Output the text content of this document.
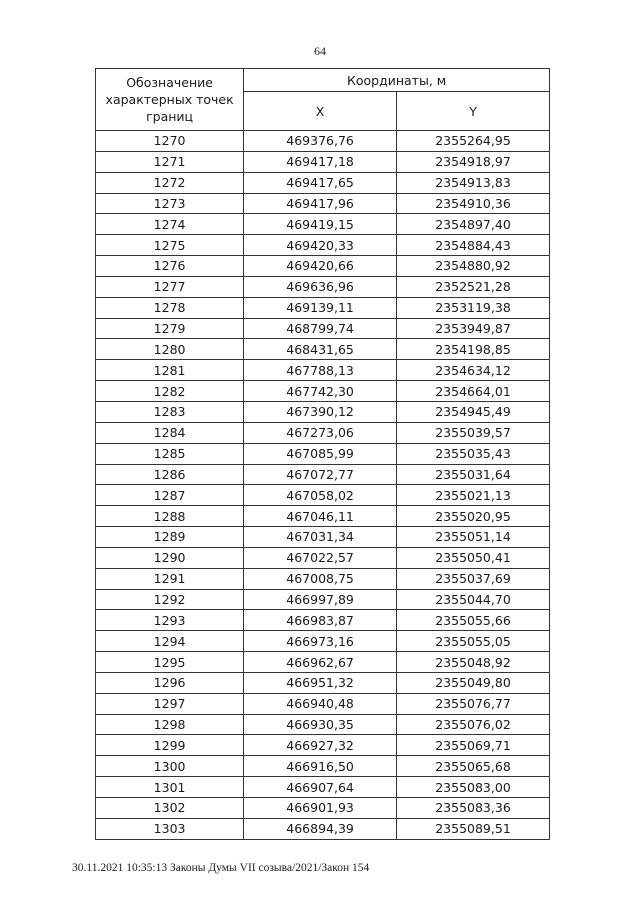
64
Обозначение характерных точек границ	Координаты, м	
	X	Y
1270	469376,76	2355264,95
1271	469417,18	2354918,97
1272	469417,65	2354913,83
1273	469417,96	2354910,36
1274	469419,15	2354897,40
1275	469420,33	2354884,43
1276	469420,66	2354880,92
1277	469636,96	2352521,28
1278	469139,11	2353119,38
1279	468799,74	2353949,87
1280	468431,65	2354198,85
1281	467788,13	2354634,12
1282	467742,30	2354664,01
1283	467390,12	2354945,49
1284	467273,06	2355039,57
1285	467085,99	2355035,43
1286	467072,77	2355031,64
1287	467058,02	2355021,13
1288	467046,11	2355020,95
1289	467031,34	2355051,14
1290	467022,57	2355050,41
1291	467008,75	2355037,69
1292	466997,89	2355044,70
1293	466983,87	2355055,66
1294	466973,16	2355055,05
1295	466962,67	2355048,92
1296	466951,32	2355049,80
1297	466940,48	2355076,77
1298	466930,35	2355076,02
1299	466927,32	2355069,71
1300	466916,50	2355065,68
1301	466907,64	2355083,00
1302	466901,93	2355083,36
1303	466894,39	2355089,51
30.11.2021 10:35:13 Законы Думы VII созыва/2021/Закон 154
